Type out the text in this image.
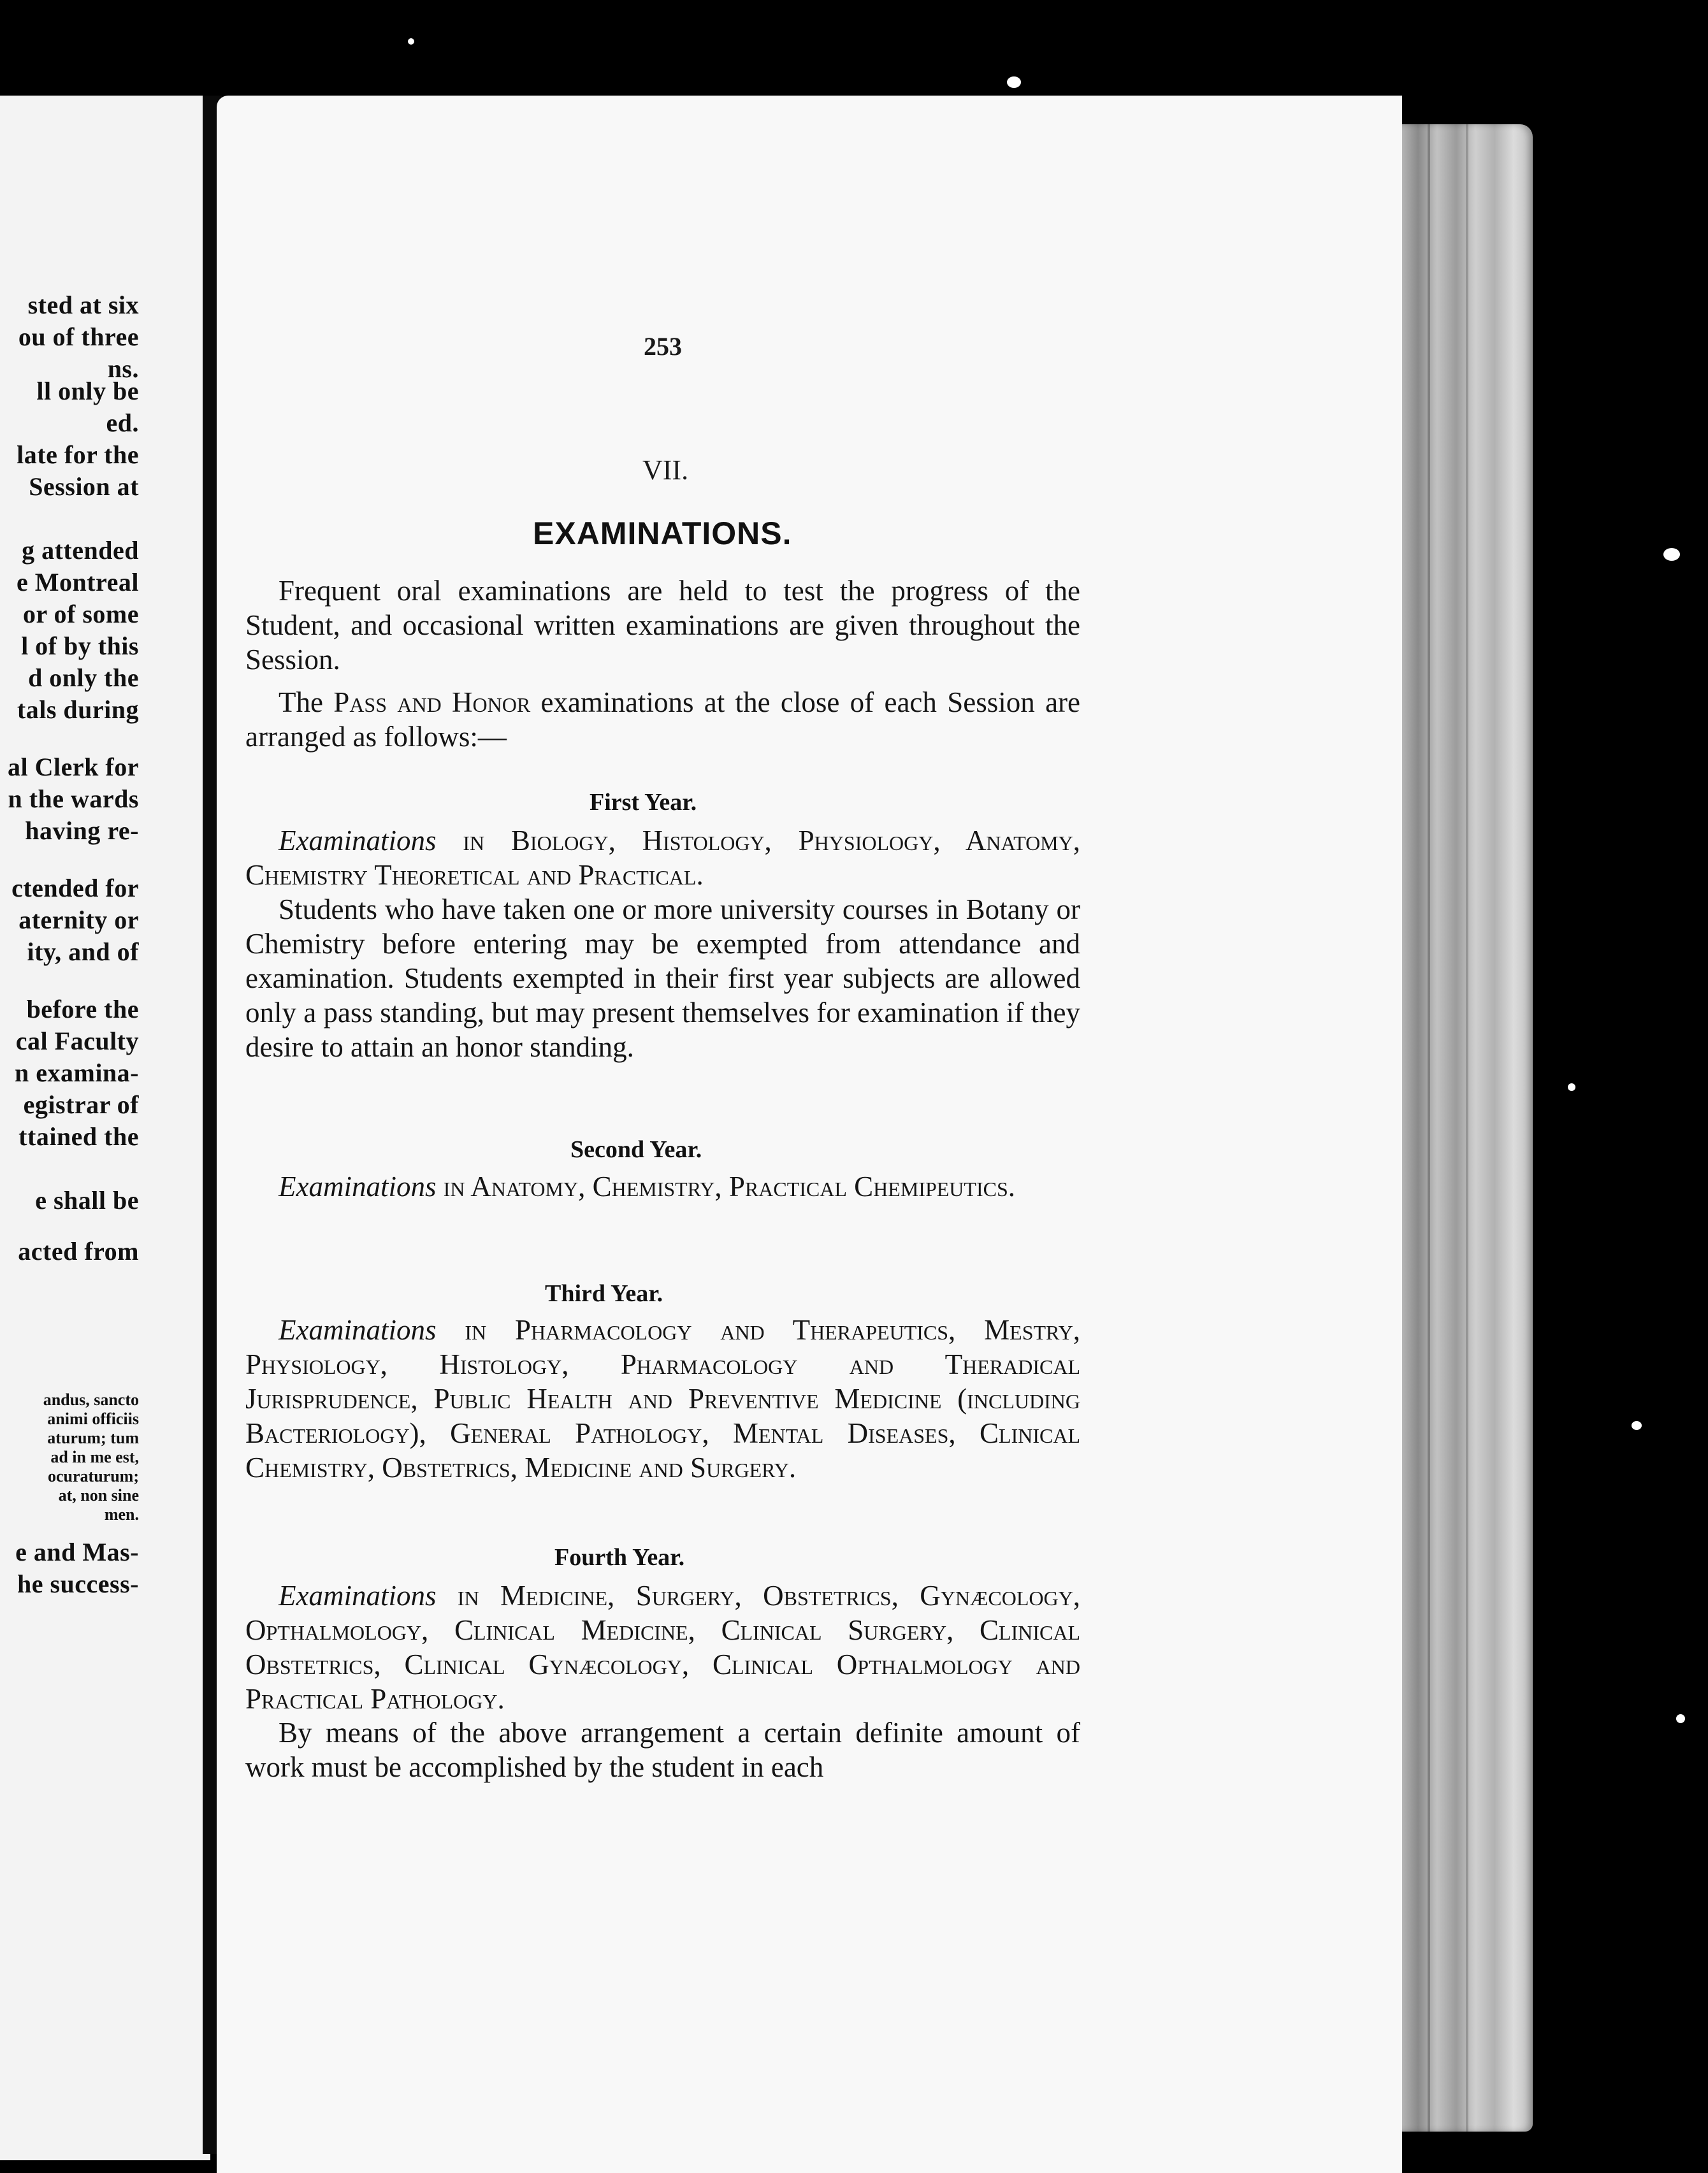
sted at six
ou of three
ns.
ll only be
ed.
late for the
Session at
g attended
e Montreal
or of some
l of by this
d only the
tals during
al Clerk for
n the wards
having re-
ctended for
aternity or
ity, and of
before the
cal Faculty
n examina-
egistrar of
ttained the
e shall be
acted from
andus, sancto
animi officiis
aturum; tum
ad in me est,
ocuraturum;
at, non sine
men.
e and Mas-
he success-
253
VII.
EXAMINATIONS.

Frequent oral examinations are held to test the progress of the Student, and occasional written examinations are given throughout the Session.

The Pass and Honor examinations at the close of each Session are arranged as follows:—

First Year.

Examinations in Biology, Histology, Physiology, Anatomy, Chemistry Theoretical and Practical.

Students who have taken one or more university courses in Botany or Chemistry before entering may be exempted from attendance and examination. Students exempted in their first year subjects are allowed only a pass standing, but may present themselves for examination if they desire to attain an honor standing.

Second Year.

Examinations in Anatomy, Chemistry, Practical Chemipeutics.

Third Year.

Examinations in Pharmacology and Therapeutics, Mestry, Physiology, Histology, Pharmacology and Theradical Jurisprudence, Public Health and Preventive Medicine (including Bacteriology), General Pathology, Mental Diseases, Clinical Chemistry, Obstetrics, Medicine and Surgery.

Fourth Year.

Examinations in Medicine, Surgery, Obstetrics, Gynæcology, Opthalmology, Clinical Medicine, Clinical Surgery, Clinical Obstetrics, Clinical Gynæcology, Clinical Opthalmology and Practical Pathology.

By means of the above arrangement a certain definite amount of work must be accomplished by the student in each
